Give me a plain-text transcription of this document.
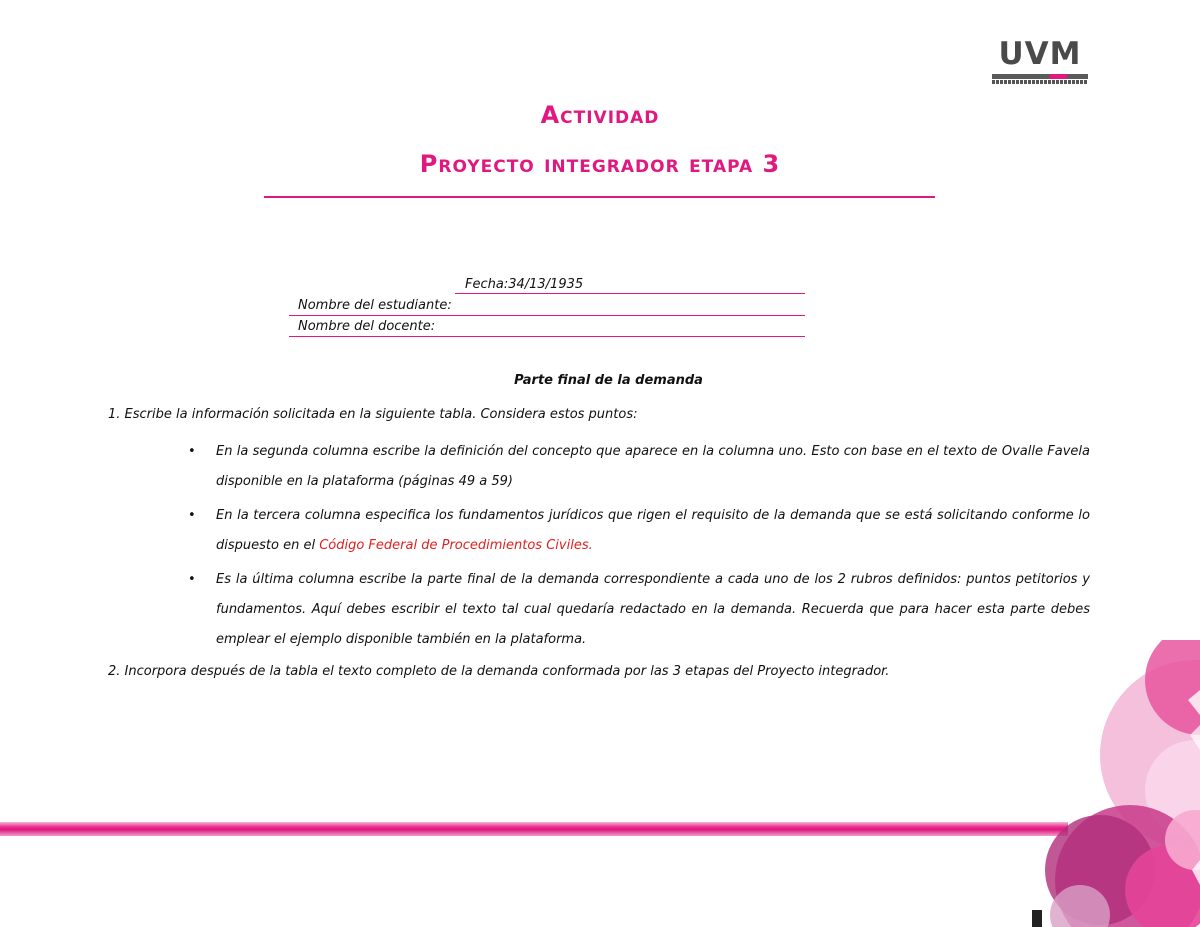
UVM
Actividad
Proyecto integrador etapa 3
Fecha:34/13/1935
Nombre del estudiante:
Nombre del docente:
Parte final de la demanda
1. Escribe la información solicitada en la siguiente tabla. Considera estos puntos:
• En la segunda columna escribe la definición del concepto que aparece en la columna uno. Esto con base en el texto de Ovalle Favela disponible en la plataforma (páginas 49 a 59)
• En la tercera columna especifica los fundamentos jurídicos que rigen el requisito de la demanda que se está solicitando conforme lo dispuesto en el Código Federal de Procedimientos Civiles.
• Es la última columna escribe la parte final de la demanda correspondiente a cada uno de los 2 rubros definidos: puntos petitorios y fundamentos. Aquí debes escribir el texto tal cual quedaría redactado en la demanda. Recuerda que para hacer esta parte debes emplear el ejemplo disponible también en la plataforma.
2. Incorpora después de la tabla el texto completo de la demanda conformada por las 3 etapas del Proyecto integrador.
